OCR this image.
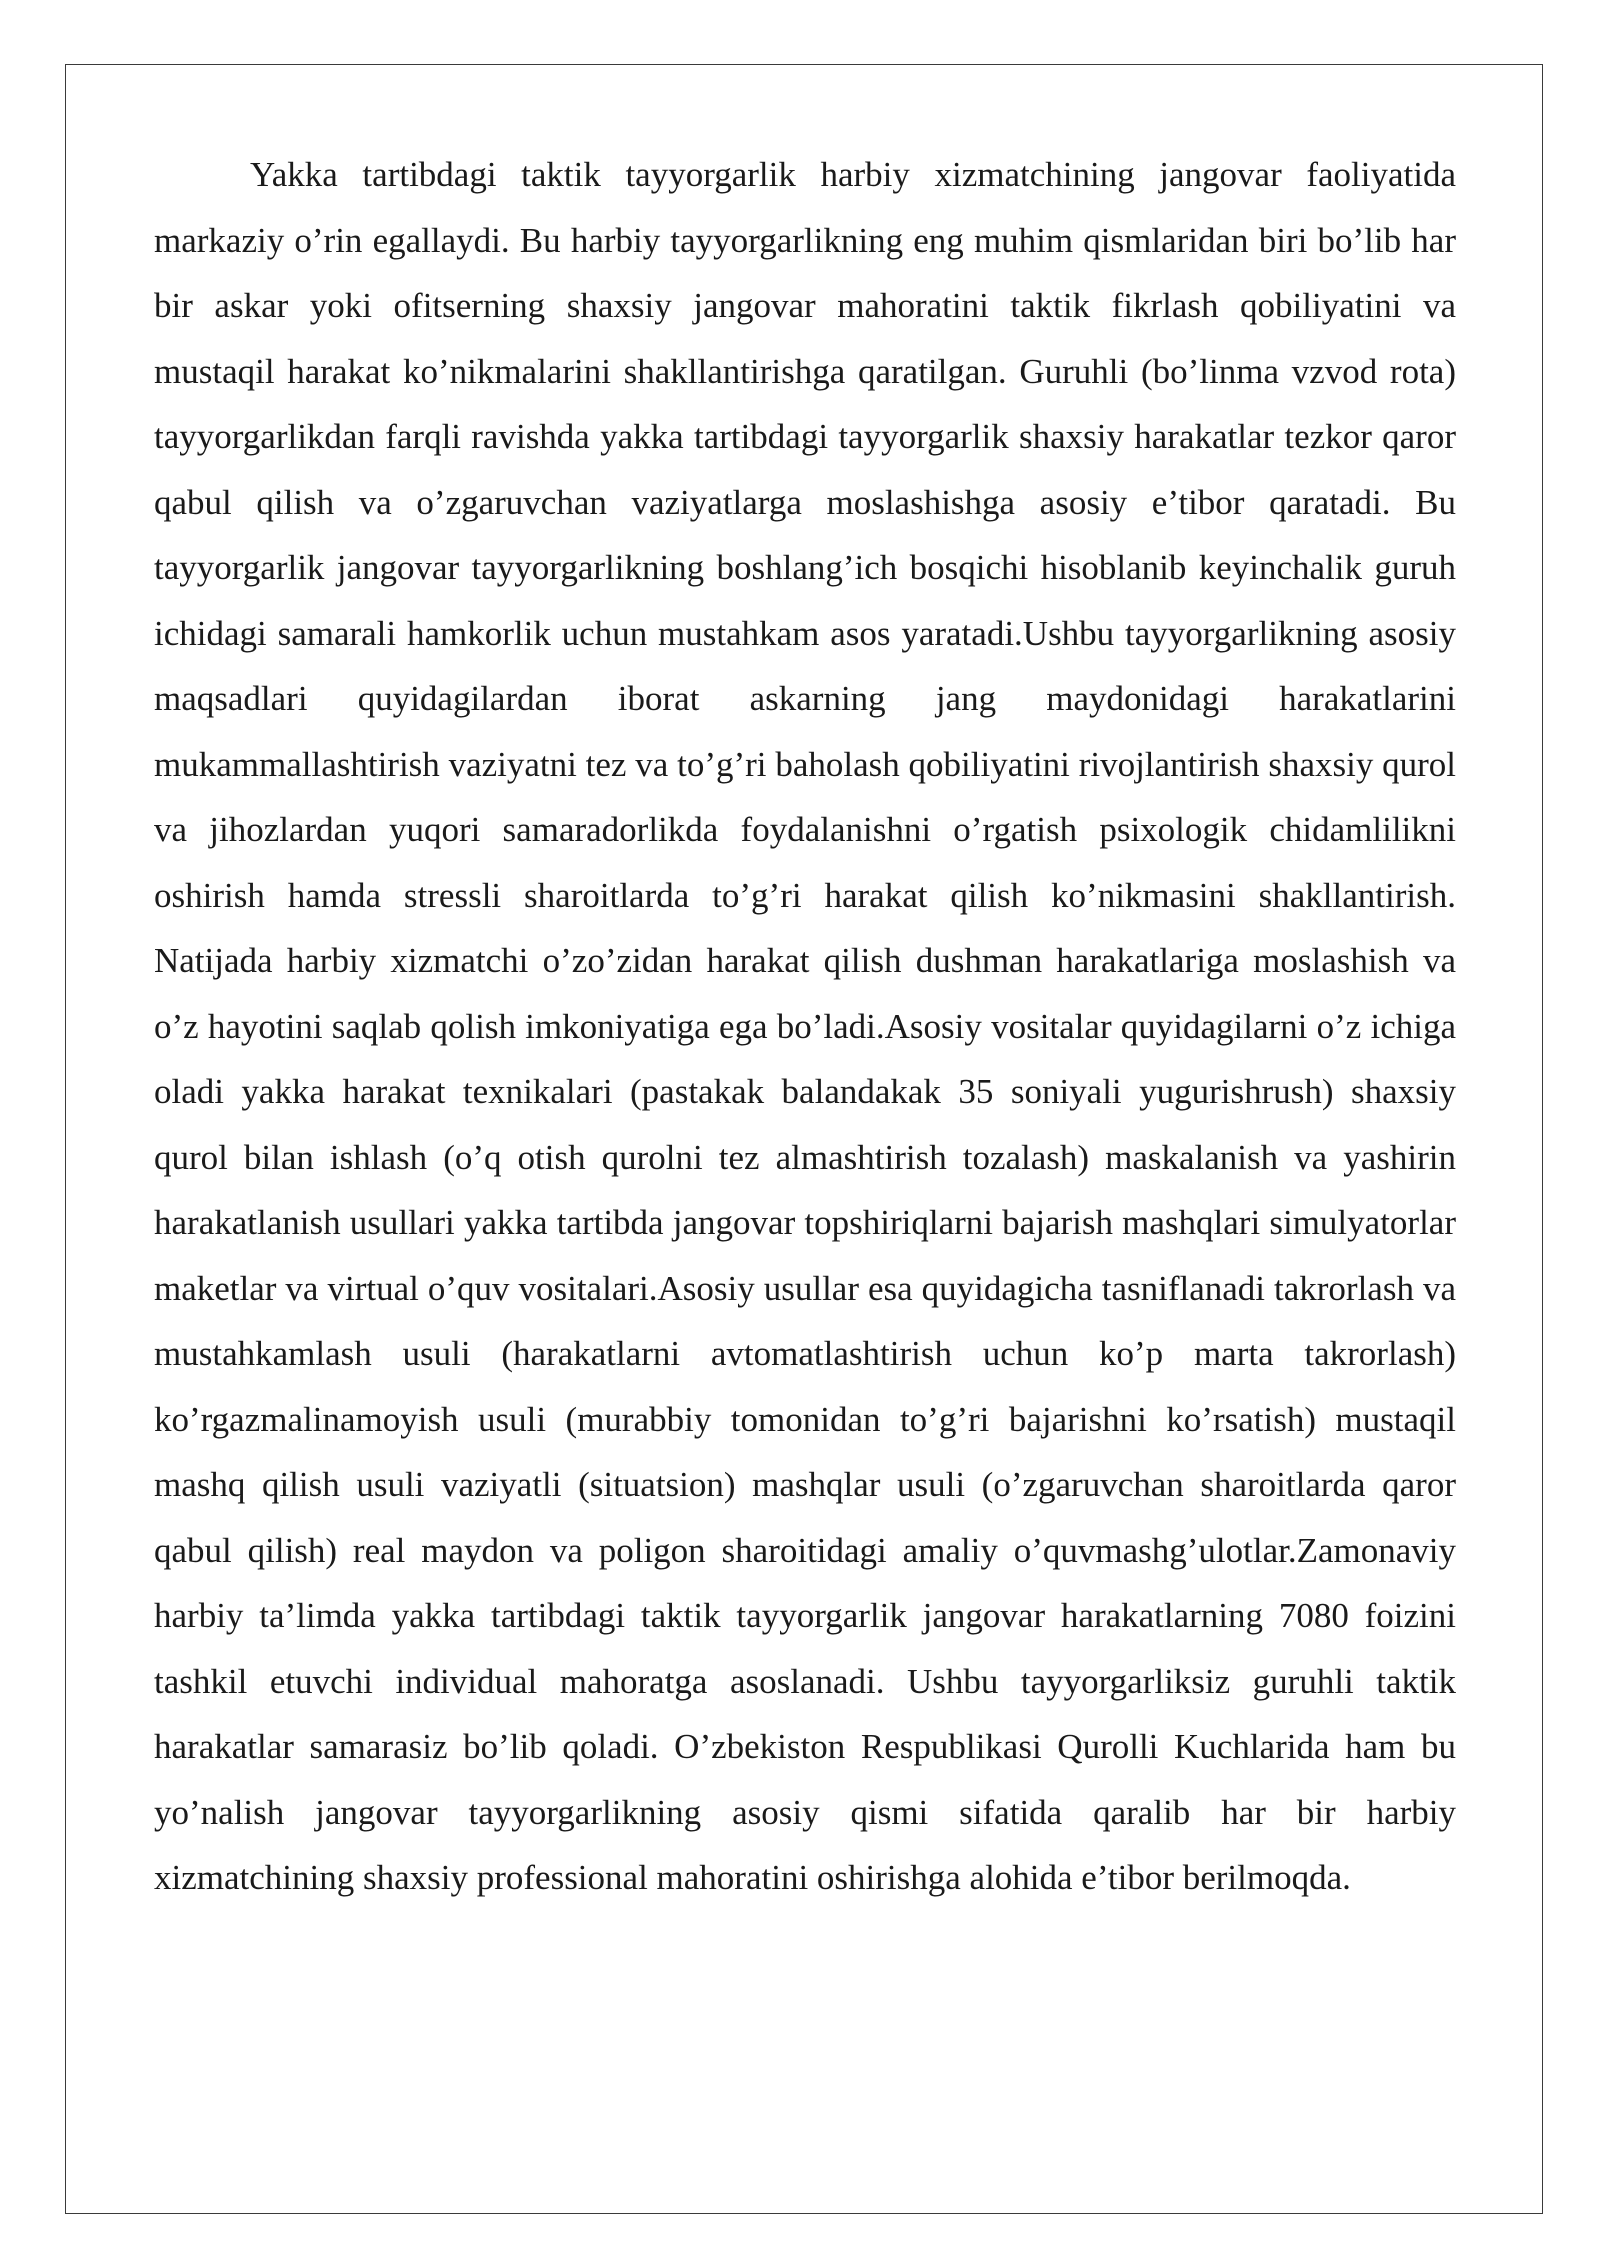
Yakka tartibdagi taktik tayyorgarlik harbiy xizmatchining jangovar faoliyatida markaziy o’rin egallaydi. Bu harbiy tayyorgarlikning eng muhim qismlaridan biri bo’lib har bir askar yoki ofitserning shaxsiy jangovar mahoratini taktik fikrlash qobiliyatini va mustaqil harakat ko’nikmalarini shakllantirishga qaratilgan. Guruhli (bo’linma vzvod rota) tayyorgarlikdan farqli ravishda yakka tartibdagi tayyorgarlik shaxsiy harakatlar tezkor qaror qabul qilish va o’zgaruvchan vaziyatlarga moslashishga asosiy e’tibor qaratadi. Bu tayyorgarlik jangovar tayyorgarlikning boshlang’ich bosqichi hisoblanib keyinchalik guruh ichidagi samarali hamkorlik uchun mustahkam asos yaratadi.Ushbu tayyorgarlikning asosiy maqsadlari quyidagilardan iborat askarning jang maydonidagi harakatlarini mukammallashtirish vaziyatni tez va to’g’ri baholash qobiliyatini rivojlantirish shaxsiy qurol va jihozlardan yuqori samaradorlikda foydalanishni o’rgatish psixologik chidamlilikni oshirish hamda stressli sharoitlarda to’g’ri harakat qilish ko’nikmasini shakllantirish. Natijada harbiy xizmatchi o’zo’zidan harakat qilish dushman harakatlariga moslashish va o’z hayotini saqlab qolish imkoniyatiga ega bo’ladi.Asosiy vositalar quyidagilarni o’z ichiga oladi yakka harakat texnikalari (pastakak balandakak 35 soniyali yugurishrush) shaxsiy qurol bilan ishlash (o’q otish qurolni tez almashtirish tozalash) maskalanish va yashirin harakatlanish usullari yakka tartibda jangovar topshiriqlarni bajarish mashqlari simulyatorlar maketlar va virtual o’quv vositalari.Asosiy usullar esa quyidagicha tasniflanadi takrorlash va mustahkamlash usuli (harakatlarni avtomatlashtirish uchun ko’p marta takrorlash) ko’rgazmalinamoyish usuli (murabbiy tomonidan to’g’ri bajarishni ko’rsatish) mustaqil mashq qilish usuli vaziyatli (situatsion) mashqlar usuli (o’zgaruvchan sharoitlarda qaror qabul qilish) real maydon va poligon sharoitidagi amaliy o’quvmashg’ulotlar.Zamonaviy harbiy ta’limda yakka tartibdagi taktik tayyorgarlik jangovar harakatlarning 7080 foizini tashkil etuvchi individual mahoratga asoslanadi. Ushbu tayyorgarliksiz guruhli taktik harakatlar samarasiz bo’lib qoladi. O’zbekiston Respublikasi Qurolli Kuchlarida ham bu yo’nalish jangovar tayyorgarlikning asosiy qismi sifatida qaralib har bir harbiy xizmatchining shaxsiy professional mahoratini oshirishga alohida e’tibor berilmoqda.
